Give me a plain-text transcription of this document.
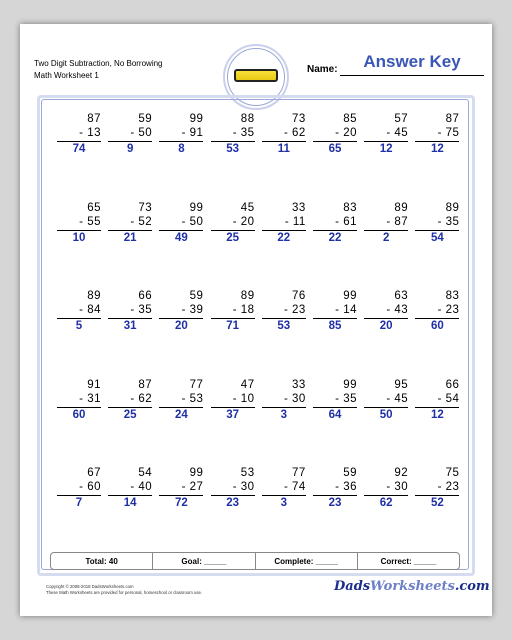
Two Digit Subtraction, No Borrowing
Math Worksheet 1
Answer Key
Name:
Total: 40	Goal: _____	Complete: _____	Correct: _____
Copyright © 2008-2018 DadsWorksheets.com
These Math Worksheets are provided for personal, homeschool or classroom use.	DadsWorksheets.com
87
- 13
74
59
- 50
9
99
- 91
8
88
- 35
53
73
- 62
11
85
- 20
65
57
- 45
12
87
- 75
12
65
- 55
10
73
- 52
21
99
- 50
49
45
- 20
25
33
- 11
22
83
- 61
22
89
- 87
2
89
- 35
54
89
- 84
5
66
- 35
31
59
- 39
20
89
- 18
71
76
- 23
53
99
- 14
85
63
- 43
20
83
- 23
60
91
- 31
60
87
- 62
25
77
- 53
24
47
- 10
37
33
- 30
3
99
- 35
64
95
- 45
50
66
- 54
12
67
- 60
7
54
- 40
14
99
- 27
72
53
- 30
23
77
- 74
3
59
- 36
23
92
- 30
62
75
- 23
52
